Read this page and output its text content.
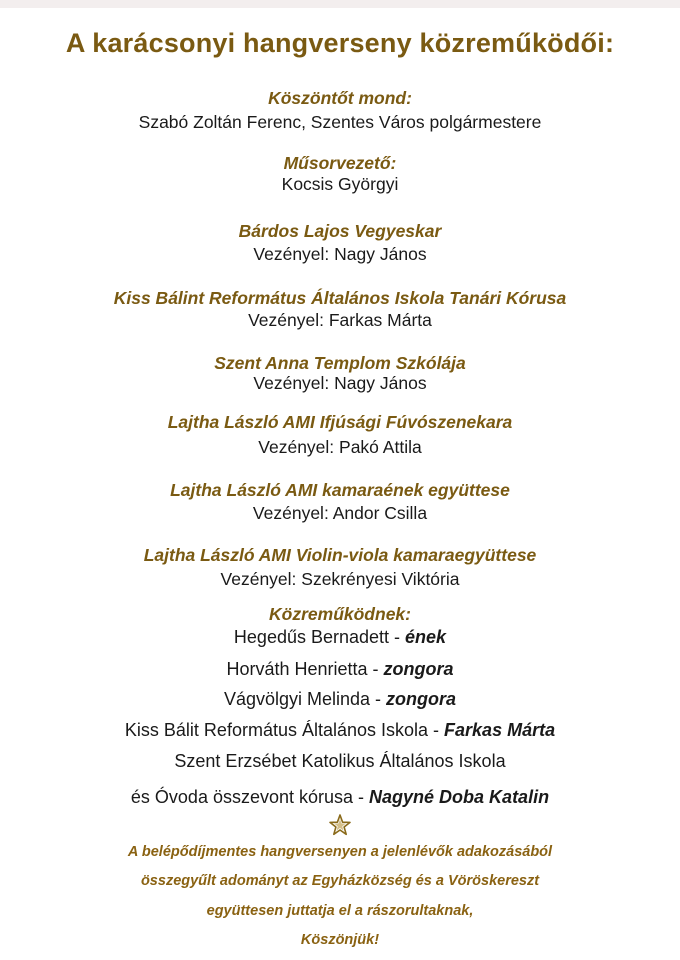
A karácsonyi hangverseny közreműködői:
Köszöntőt mond:
Szabó Zoltán Ferenc, Szentes Város polgármestere
Műsorvezető:
Kocsis Györgyi
Bárdos Lajos Vegyeskar
Vezényel: Nagy János
Kiss Bálint Református Általános Iskola Tanári Kórusa
Vezényel: Farkas Márta
Szent Anna Templom Szkólája
Vezényel: Nagy János
Lajtha László AMI Ifjúsági Fúvószenekara
Vezényel: Pakó Attila
Lajtha László AMI kamaraének együttese
Vezényel: Andor Csilla
Lajtha László AMI Violin-viola kamaraegyüttese
Vezényel: Szekrényesi Viktória
Közreműködnek:
Hegedűs Bernadett - ének
Horváth Henrietta - zongora
Vágvölgyi Melinda - zongora
Kiss Bálit Református Általános Iskola - Farkas Márta
Szent Erzsébet Katolikus Általános Iskola
és Óvoda összevont kórusa - Nagyné Doba Katalin
A belépődíjmentes hangversenyen a jelenlévők adakozásából
összegyűlt adományt az Egyházközség és a Vöröskereszt
együttesen juttatja el a rászorultaknak,
Köszönjük!
